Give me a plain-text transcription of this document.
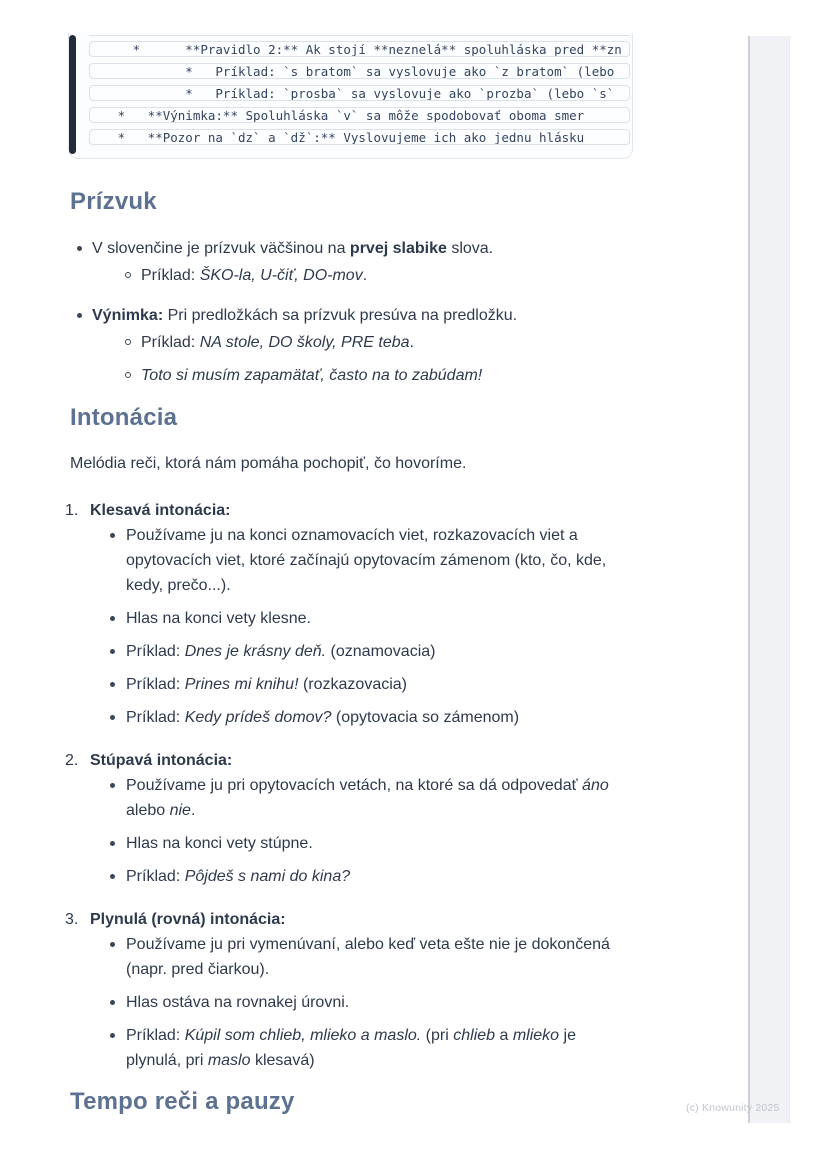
*      **Pravidlo 2:** Ak stojí **neznelá** spoluhláska pred **zn
*   Príklad: `s bratom` sa vyslovuje ako `z bratom` (lebo
*   Príklad: `prosba` sa vyslovuje ako `prozba` (lebo `s`
*   **Výnimka:** Spoluhláska `v` sa môže spodobovať oboma smer
*   **Pozor na `dz` a `dž`:** Vyslovujeme ich ako jednu hlásku
Prízvuk
V slovenčine je prízvuk väčšinou na prvej slabike slova.
Príklad: ŠKO-la, U-čiť, DO-mov.
Výnimka: Pri predložkách sa prízvuk presúva na predložku.
Príklad: NA stole, DO školy, PRE teba.
Toto si musím zapamätať, často na to zabúdam!
Intonácia

Melódia reči, ktorá nám pomáha pochopiť, čo hovoríme.

1. Klesavá intonácia:
Používame ju na konci oznamovacích viet, rozkazovacích viet a opytovacích viet, ktoré začínajú opytovacím zámenom (kto, čo, kde, kedy, prečo...).
Hlas na konci vety klesne.
Príklad: Dnes je krásny deň. (oznamovacia)
Príklad: Prines mi knihu! (rozkazovacia)
Príklad: Kedy prídeš domov? (opytovacia so zámenom)
2. Stúpavá intonácia:
Používame ju pri opytovacích vetách, na ktoré sa dá odpovedať áno alebo nie.
Hlas na konci vety stúpne.
Príklad: Pôjdeš s nami do kina?
3. Plynulá (rovná) intonácia:
Používame ju pri vymenúvaní, alebo keď veta ešte nie je dokončená (napr. pred čiarkou).
Hlas ostáva na rovnakej úrovni.
Príklad: Kúpil som chlieb, mlieko a maslo. (pri chlieb a mlieko je plynulá, pri maslo klesavá)
Tempo reči a pauzy	(c) Knowunity 2025
